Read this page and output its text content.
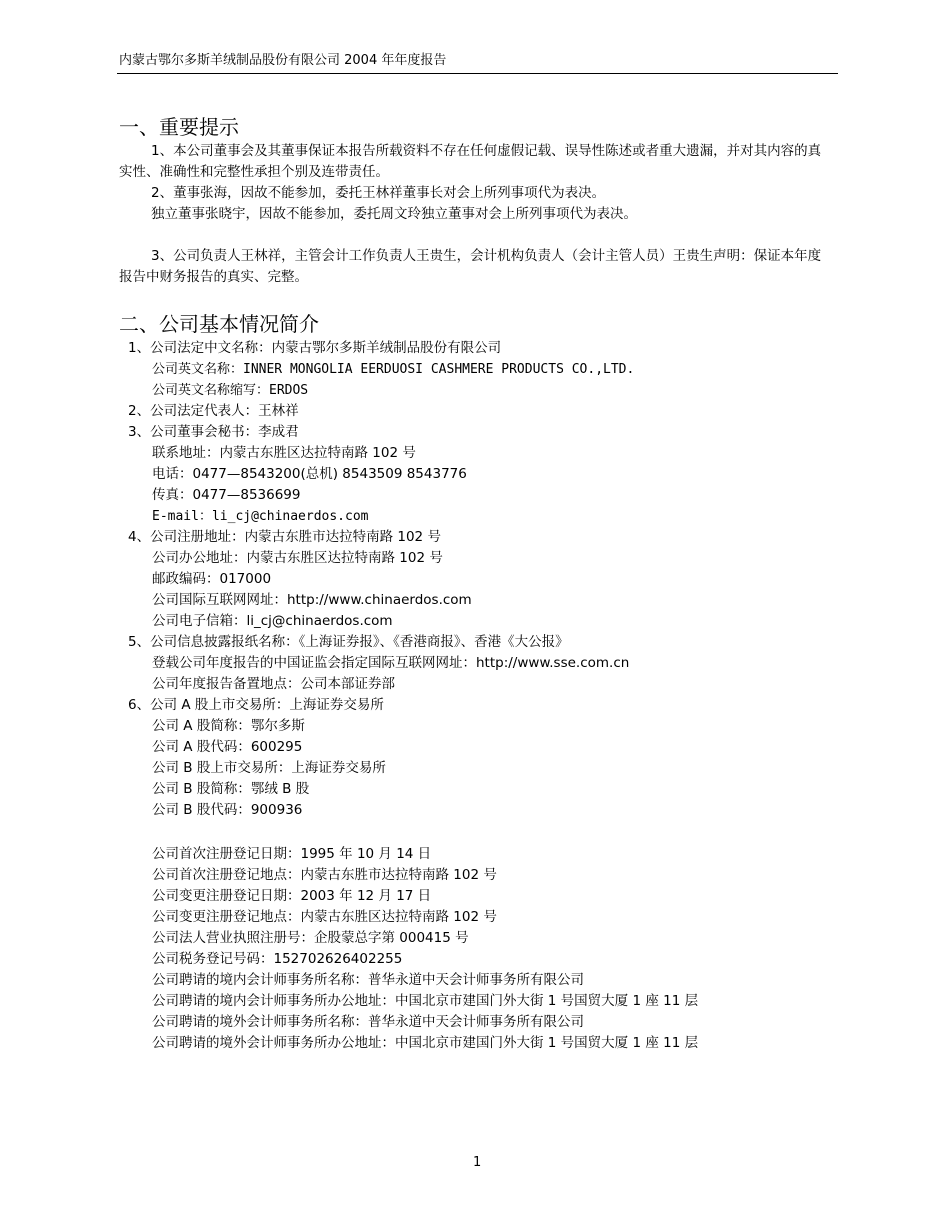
内蒙古鄂尔多斯羊绒制品股份有限公司 2004 年年度报告
一、重要提示
1、本公司董事会及其董事保证本报告所载资料不存在任何虚假记载、误导性陈述或者重大遗漏，并对其内容的真实性、准确性和完整性承担个别及连带责任。
2、董事张海，因故不能参加，委托王林祥董事长对会上所列事项代为表决。
独立董事张晓宇，因故不能参加，委托周文玲独立董事对会上所列事项代为表决。
3、公司负责人王林祥，主管会计工作负责人王贵生，会计机构负责人（会计主管人员）王贵生声明：保证本年度报告中财务报告的真实、完整。
二、公司基本情况简介
1、公司法定中文名称：内蒙古鄂尔多斯羊绒制品股份有限公司
公司英文名称：INNER MONGOLIA EERDUOSI CASHMERE PRODUCTS CO.,LTD.
公司英文名称缩写：ERDOS
2、公司法定代表人：王林祥
3、公司董事会秘书：李成君
联系地址：内蒙古东胜区达拉特南路 102 号
电话：0477—8543200(总机) 8543509 8543776
传真：0477—8536699
E-mail：li_cj@chinaerdos.com
4、公司注册地址：内蒙古东胜市达拉特南路 102 号
公司办公地址：内蒙古东胜区达拉特南路 102 号
邮政编码：017000
公司国际互联网网址：http://www.chinaerdos.com
公司电子信箱：li_cj@chinaerdos.com
5、公司信息披露报纸名称：《上海证券报》、《香港商报》、香港《大公报》
登载公司年度报告的中国证监会指定国际互联网网址：http://www.sse.com.cn
公司年度报告备置地点：公司本部证券部
6、公司 A 股上市交易所：上海证券交易所
公司 A 股简称：鄂尔多斯
公司 A 股代码：600295
公司 B 股上市交易所：上海证券交易所
公司 B 股简称：鄂绒 B 股
公司 B 股代码：900936
公司首次注册登记日期：1995 年 10 月 14 日
公司首次注册登记地点：内蒙古东胜市达拉特南路 102 号
公司变更注册登记日期：2003 年 12 月 17 日
公司变更注册登记地点：内蒙古东胜区达拉特南路 102 号
公司法人营业执照注册号：企股蒙总字第 000415 号
公司税务登记号码：152702626402255
公司聘请的境内会计师事务所名称：普华永道中天会计师事务所有限公司
公司聘请的境内会计师事务所办公地址：中国北京市建国门外大街 1 号国贸大厦 1 座 11 层
公司聘请的境外会计师事务所名称：普华永道中天会计师事务所有限公司
公司聘请的境外会计师事务所办公地址：中国北京市建国门外大街 1 号国贸大厦 1 座 11 层
1
